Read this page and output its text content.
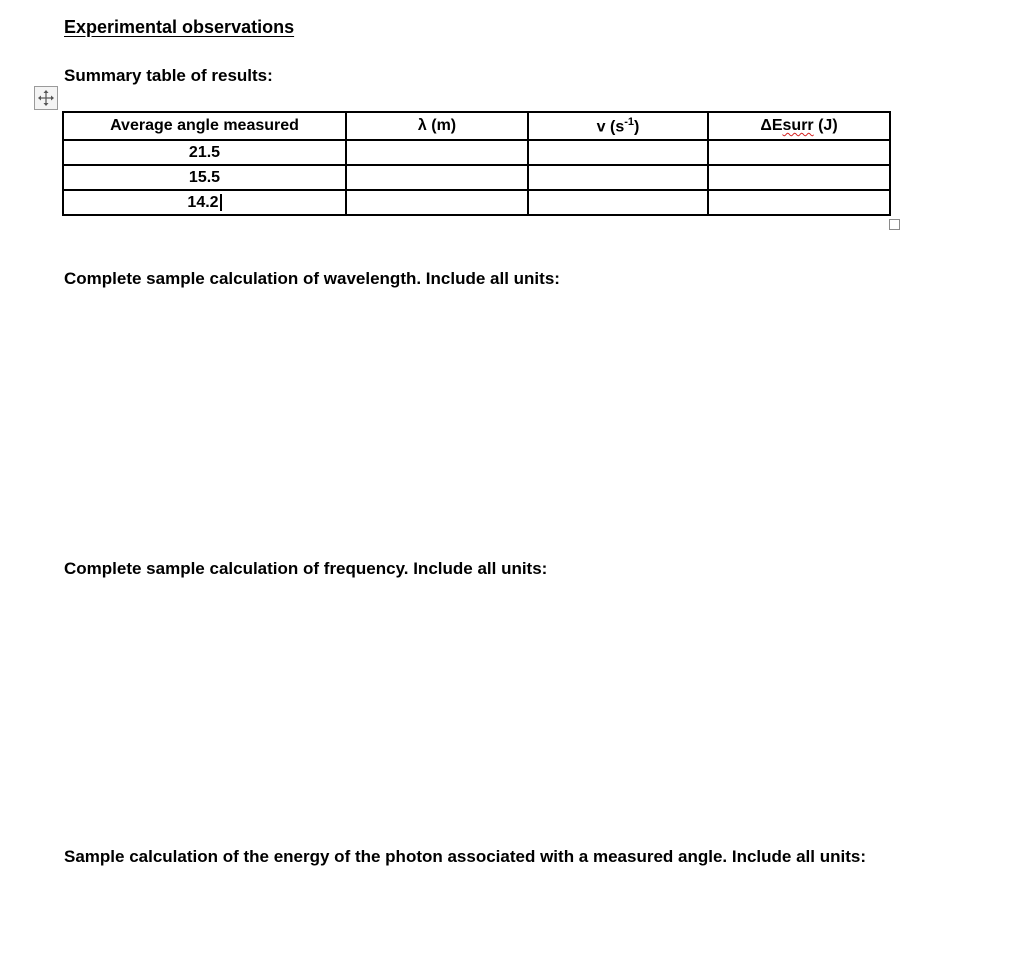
Experimental observations
Summary table of results:
Average angle measured	λ (m)	v $(s^{-1})$	ΔEsurr (J)
21.5			
15.5			
14.2			
Complete sample calculation of wavelength. Include all units:
Complete sample calculation of frequency. Include all units:
Sample calculation of the energy of the photon associated with a measured angle. Include all units:
